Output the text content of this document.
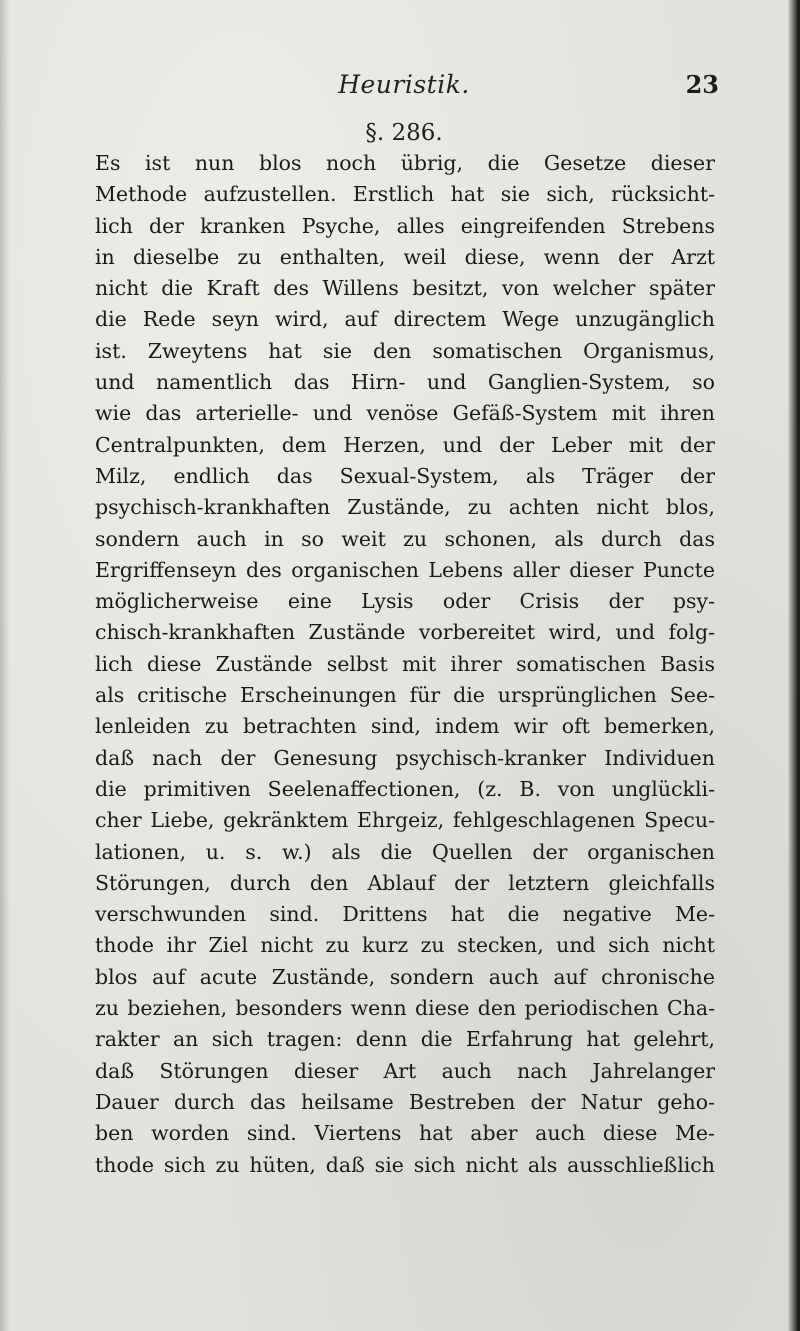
Heuristik.	23
§. 286.
Es ist nun blos noch übrig, die Gesetze dieser
Methode aufzustellen. Erstlich hat sie sich, rücksicht-
lich der kranken Psyche, alles eingreifenden Strebens
in dieselbe zu enthalten, weil diese, wenn der Arzt
nicht die Kraft des Willens besitzt, von welcher später
die Rede seyn wird, auf directem Wege unzugänglich
ist. Zweytens hat sie den somatischen Organismus,
und namentlich das Hirn- und Ganglien-System, so
wie das arterielle- und venöse Gefäß-System mit ihren
Centralpunkten, dem Herzen, und der Leber mit der
Milz, endlich das Sexual-System, als Träger der
psychisch-krankhaften Zustände, zu achten nicht blos,
sondern auch in so weit zu schonen, als durch das
Ergriffenseyn des organischen Lebens aller dieser Puncte
möglicherweise eine Lysis oder Crisis der psy-
chisch-krankhaften Zustände vorbereitet wird, und folg-
lich diese Zustände selbst mit ihrer somatischen Basis
als critische Erscheinungen für die ursprünglichen See-
lenleiden zu betrachten sind, indem wir oft bemerken,
daß nach der Genesung psychisch-kranker Individuen
die primitiven Seelenaffectionen, (z. B. von unglückli-
cher Liebe, gekränktem Ehrgeiz, fehlgeschlagenen Specu-
lationen, u. s. w.) als die Quellen der organischen
Störungen, durch den Ablauf der letztern gleichfalls
verschwunden sind. Drittens hat die negative Me-
thode ihr Ziel nicht zu kurz zu stecken, und sich nicht
blos auf acute Zustände, sondern auch auf chronische
zu beziehen, besonders wenn diese den periodischen Cha-
rakter an sich tragen: denn die Erfahrung hat gelehrt,
daß Störungen dieser Art auch nach Jahrelanger
Dauer durch das heilsame Bestreben der Natur geho-
ben worden sind. Viertens hat aber auch diese Me-
thode sich zu hüten, daß sie sich nicht als ausschließlich
